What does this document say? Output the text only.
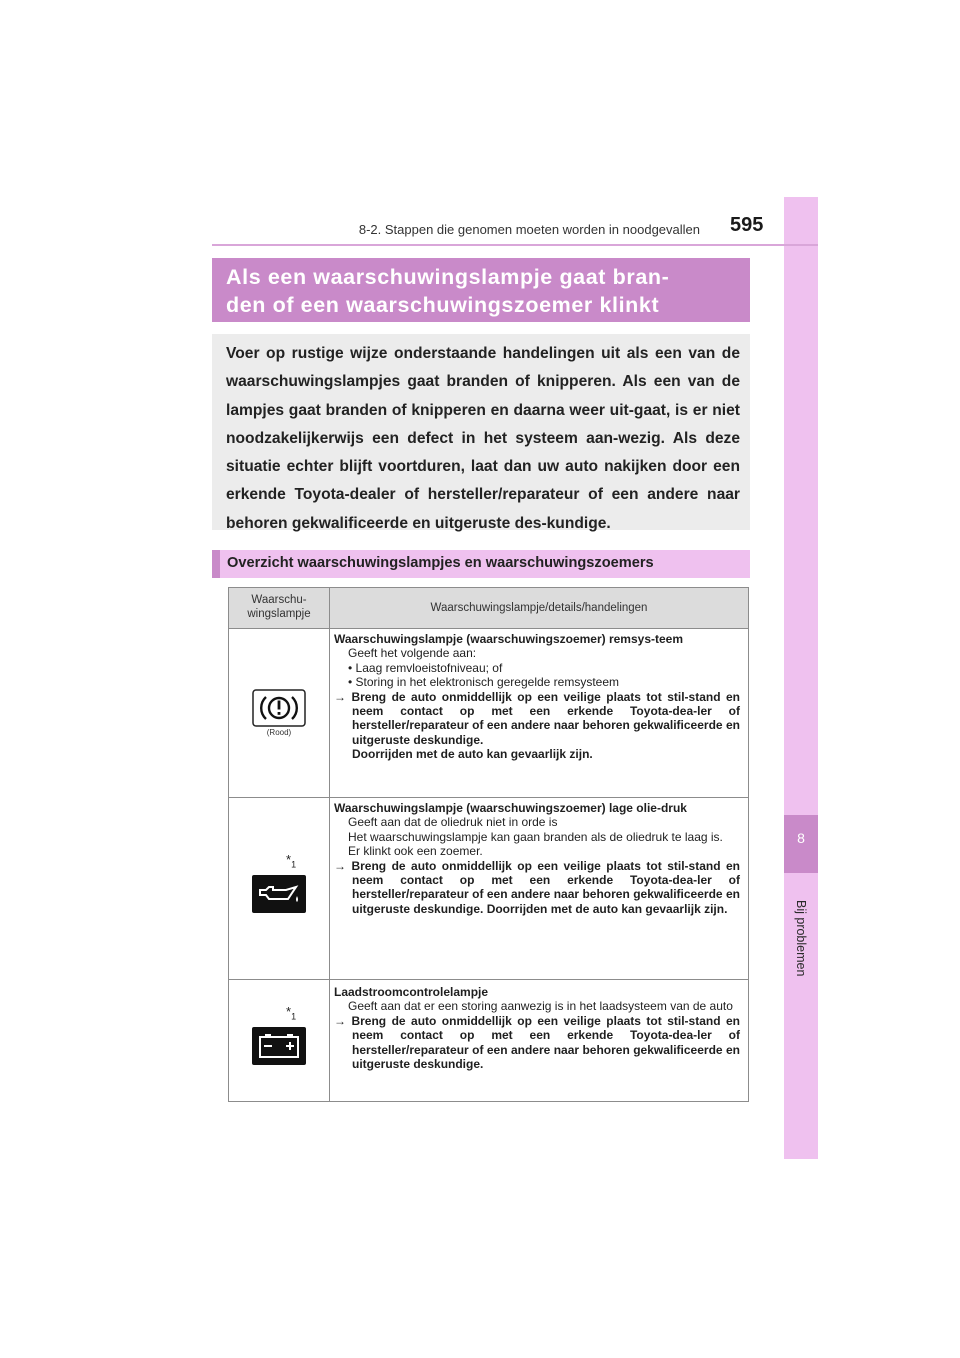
8
Bij problemen
8-2. Stappen die genomen moeten worden in noodgevallen 595
Als een waarschuwingslampje gaat bran-
den of een waarschuwingszoemer klinkt

Voer op rustige wijze onderstaande handelingen uit als een van de waarschuwingslampjes gaat branden of knipperen. Als een van de lampjes gaat branden of knipperen en daarna weer uit-gaat, is er niet noodzakelijkerwijs een defect in het systeem aan-wezig. Als deze situatie echter blijft voortduren, laat dan uw auto nakijken door een erkende Toyota-dealer of hersteller/reparateur of een andere naar behoren gekwalificeerde en uitgeruste des-kundige.

Overzicht waarschuwingslampjes en waarschuwingszoemers
Waarschu-wingslampje	Waarschuwingslampje/details/handelingen
(Rood)

Waarschuwingslampje (waarschuwingszoemer) remsys-teem

Geeft het volgende aan:

• Laag remvloeistofniveau; of

• Storing in het elektronisch geregelde remsysteem

→ Breng de auto onmiddellijk op een veilige plaats tot stil-stand en neem contact op met een erkende Toyota-dea-ler of hersteller/reparateur of een andere naar behoren gekwalificeerde en uitgeruste deskundige.

Doorrijden met de auto kan gevaarlijk zijn.

$*_1$

Waarschuwingslampje (waarschuwingszoemer) lage olie-druk

Geeft aan dat de oliedruk niet in orde is

Het waarschuwingslampje kan gaan branden als de oliedruk te laag is.

Er klinkt ook een zoemer.

→ Breng de auto onmiddellijk op een veilige plaats tot stil-stand en neem contact op met een erkende Toyota-dea-ler of hersteller/reparateur of een andere naar behoren gekwalificeerde en uitgeruste deskundige. Doorrijden met de auto kan gevaarlijk zijn.

$*_1$

Laadstroomcontrolelampje

Geeft aan dat er een storing aanwezig is in het laadsysteem van de auto

→ Breng de auto onmiddellijk op een veilige plaats tot stil-stand en neem contact op met een erkende Toyota-dea-ler of hersteller/reparateur of een andere naar behoren gekwalificeerde en uitgeruste deskundige.
